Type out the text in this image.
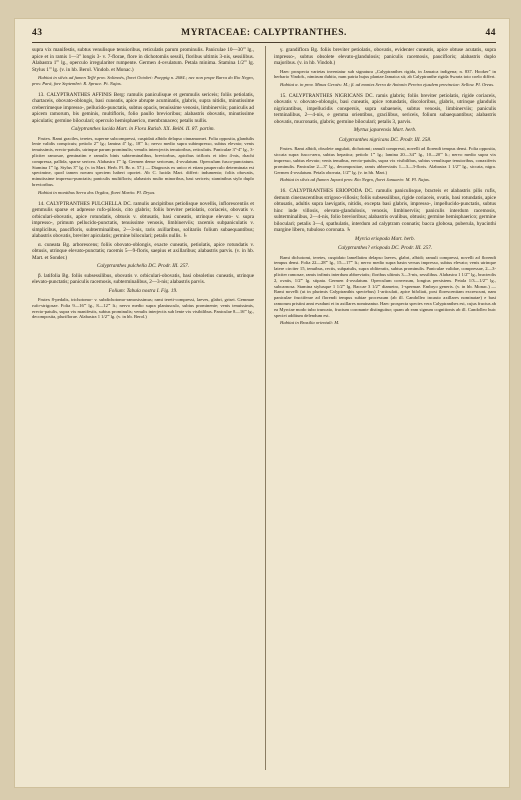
43	MYRTACEAE: CALYPTRANTHES.	44

supra vix manifestis, subtus venulisque tenuioribus, reticulatis parum prominulis. Paniculae 10—30''' lg., apice et in ramis 1—3'' longis 3- v. 7-florae, flore in dichotomiis sessili, floribus ultimis 3-nis, sessilibus. Alabastra 1''' lg., operculo irregulariter rumpente. Germen 4-ovulatum. Petala minima. Stamina 1/2''' lg. Stylus 1''' lg. (v. in hb. Berol. Vindob. et Monac.)

Habitat in silvis ad fumen Teffé prov. Solimoës, floret Octobri: Poeppig n. 2684.; nec non prope Barra do Rio Negro, prov. Pará, fore Septembri: R. Spruce. Pt. Najas.

13. CALYPTRANTHES AFFINIS Berg: ramulis paniculisque et gemmulis sericeis; foliis petiolatis, chartaceis, obovato-oblongis, basi cuneatis, apice abrupte acuminatis, glabris, supra nitidis, minutissime creberrimeque impresso-, pellucido-punctatis, subtus opacis, tenuissime venosis, limbinerviis; paniculis ad apicem ramorum, bis geminis, multifloris, folio paullo brevioribus; alabastris obovatis, minutissime apiculatis; germine biloculari; operculo hemisphaerico, membranaceo; petalis nullis.

Calyptranthes lucida Mart. in Flora Ratisb. XX. Beibl. II. 87. partim.

Frutex. Rami graciles, teretes, superne subcompressi, cuspidati albido delapso cinnamomei. Folia opposita, glandulis lente validis conspicuis; petiolo 2''' lg.; lamina 4'' lg., 18''' lt.; nervo medio supra subimpresso, subtus elevato; venis tenuissimis, erecto-patulis, utrinque parum prominulis; venulis intercjectis tenuioribus, reticulatis. Paniculae 3''-4'' lg., 3-pliciter ramosae, geminatim e ramulis binis subterminalibus, breviorbus, apicibus trifloris et ideo 4-nis, rhachi compressa, pallida, sparse sericea. Alabastra 1''' lg. Germen dense sericeum, 4-ovulatum. Operculum fusco-punctatum. Stamina 1''' lg. Stylus 3''' lg. (v. in Mart. Herb. Fl. Br. n. 57.) — Diagnosis ex unico et etiam pauperculo determinata est specimine, quod tamen novam speciem haberi oportet. Ab C. lucida Mart. differt: indumento; foliis obovatis, minutissime impresso-punctatis; paniculis multifloris; alabastris multo minoribus, basi sericeis; staminibus stylo duplo brevioribus.

Habitat in montibus Serra dos Orgãos, floret Martio. Pl. Dryas.

14. CALYPTRANTHES PULCHELLA DC. ramulis ancipitibus petiolisque novellis, inflorescentiis et gemmulis sparse et adpresse rufo-pilosis, cito glabris; foliis breviter petiolatis, coriaceis, obovatis v. orbiculari-obovatis, apice rotundatis, obtusis v. obtusatis, basi cuneatis, utrinque elevato- v. supra impresso-, primum pellucido-punctatis, tenuissime venosis, limbinerviis; racemis subpaniculatis v. simplicibus, paucifloris, subterminalibus, 2—3-nis, raris axillaribus, solitariis folium subaequantibus; alabastris obovatis, breviter apiculatis; germine biloculari; petalis nullis. ♄

α. cuneata Bg. arborescens; foliis obovato-oblongis, exacte cuneatis, petiolatis, apice rotundatis v. obtusis, utrinque elevato-punctatis; racemis 5—9-floris, saepius et axillaribus; alabastris parvis. (v. in hb. Mart. et Sonder.)

Calyptranthes pulchella DC. Prodr. III. 257.

β. latifolia Bg. foliis subsessilibus, obovatis v. orbiculari-obovatis, basi obsoletius cuneatis, utrinque elevato-punctatis; paniculis racemosis, subterminalibus, 2—3-nis; alabastris parvis.

Folium: Tabula nostra I. Fig. 19.

Frutex 8-pedalis, trichotomo- v. subdichotomo-ramosissimus; rami tereti-compressi, laeves, glabri, grisei. Gemmae rufo-strigosae. Folia 9—16''' lg., 8—12''' lt.; nervo medio supra planiusculo, subtus prominente; venis tenuissimis, erecto-patulis, supra vix manifestis, subtus prominulis; venulis interjectis sub lente vix visibilibus. Paniculae 8—16''' lg., decomposita, pluriflorae. Alabastra 1 1/2''' lg. (v. in hb. Berol.)

γ. grandiflora Bg. foliis breviter petiolatis, obovatis, evidenter cuneatis, apice obtuse acutatis, supra impresso-, subtus obsolete elevato-glandulosis; paniculis racemosis, paucifloris; alabastris duplo majoribus. (v. in hb. Vindob.)

Haec prospecta varietas inveniatur sub signatura „Calyptranthes rigida, in Jamaica indigena; n. 837. Hooker" in herbario Vindob., nimirum dubito, num patria hujus plantae Jamaica sit; ab Calyptranthe rigida Swartz toto coelo differt.

Habitat α. in prov. Minas Geraës: M.; β. ad montes Serra de Antonio Pereira ejusdem provinciae: Sellow. Pl. Oreas.

15. CALYPTRANTHES NIGRICANS DC. ramis glabris; foliis breviter petiolatis, rigide coriaceis, obovatis v. obovato-oblongis, basi cuneatis, apice rotundatis, discoloribus, glabris, utrinque glandulis nigricantibus, impellucidis conspersis, supra subaeneis, subtus venosis, limbinerviis; paniculis terminalibus, 2—4-nis, e gemma orientibus, gracilibus, sericeis, folium subaequantibus; alabastris obovatis, mucronatis, glabris; germine biloculari; petalis 3, parvis.

Myrtus japurensis Mart. herb.

Calyptranthes nigricans DC. Prodr. III. 258.

Frutex. Rami albidi, obsolete angulati, dichotomi; ramuli compressi, novelli ad florendi tempus densi. Folia opposita, siccata supra fusco-aera, subtus hepatica; petiolo 1''' lg.; lamina 20—34''' lg., 10—20''' lt.; nervo medio supra vix impresso, subtus elevato; venis tenuibus, erecto-patulis, supra vix visibilibus, subtus venulisque tenuioribus, conaxiferis prominulis. Paniculae 2—3'' lg., decompositae, ramis abbreviatis 1—3—3-floris. Alabastra 1 1/2''' lg., siccata, nigra. Germen 4-ovulatum. Petala obovata, 1/2''' lg. (v. in hb. Mart.)

Habitat in silvis ad flumen Japurá prov. Rio Negro, floret Januario: M. Pl. Najas.

16. CALYPTRANTHES ERIOPODA DC. ramulis paniculisque, bracteis et alabastris pilis rufis, demum cinerascentibus strigoso-villosis; foliis subsessilibus, rigide coriaceis, ovatis, basi rotundatis, apice obtusatis, adultis supra laevigatis, nitidis, excepta basi glabris, impresso-, impellucido-punctatis, subtus hinc inde villosis, elevato-glandulosis, venosis, limbinerviis; paniculis interdum racemosis, subterminalibus, 2—4-nis, folio brevioribus; alabastris ovalibus, obtusis; germine hemisphaerico; germine biloculari; petalis 3—4, spathulatis, interdum ad calyptram connatis; bacca globosa, puberula, hyacinthi marginе libero, tubuloso coronata. ♄

Myrcia eriopoda Mart. herb.

Calyptranthes? eriopoda DC. Prodr. III. 257.

Rami dichotomi, teretes, cuspidato lamellatim delapso laeves, glabri, albidi; ramuli compressi, novelli ad florendi tempus densi. Folia 22—28''' lg., 15—17''' lt.; nervo medio supra basin versus impresso, subtus elevato; venis utrinque latere circiter 15, tenuibus, rectis, subpatulis, supra obliteratis, subtus prominulis. Paniculae validae, compressae, 2—3-pliciter ramosae, ramis infimis interdum abbreviatis; floribus ultimis 3—3-nis, sessilibus. Alabastra 1 1/2''' lg., bracteolis 2, ovatis, 1/2''' lg. stipata. Germen 4-ovulatum. Operculum convexum, longius persistens. Petala 1/3—1/2''' lg., subcarnosa. Stamina stylusque 1 1/2''' lg. Baccae 3 1/2''' diametro, 1-spermae. Embryo generis. (v. in hb. Monac.) — Rami novelli (ut in plurimis Calyptranthis speciebus) 1-articulati, apice bifoliati, post florescentiam excrescunt, nam paniculae fructiferae ad florendi tempus subiae processum (ab ill. Candolleo incauto axillares nominatae) e basi ramorum pristini annі evadunt et in axillares nominantur. Haec prospecta species vera Calyptranthes est, cujus fructus ab ea Myrciae modo tubo truncato, fructum coronante distinguitur; quam ab eam signum cognitionis ab ill. Candolleo huic speciei additum delendum est.

Habitat in Brasilia orientali: M.
